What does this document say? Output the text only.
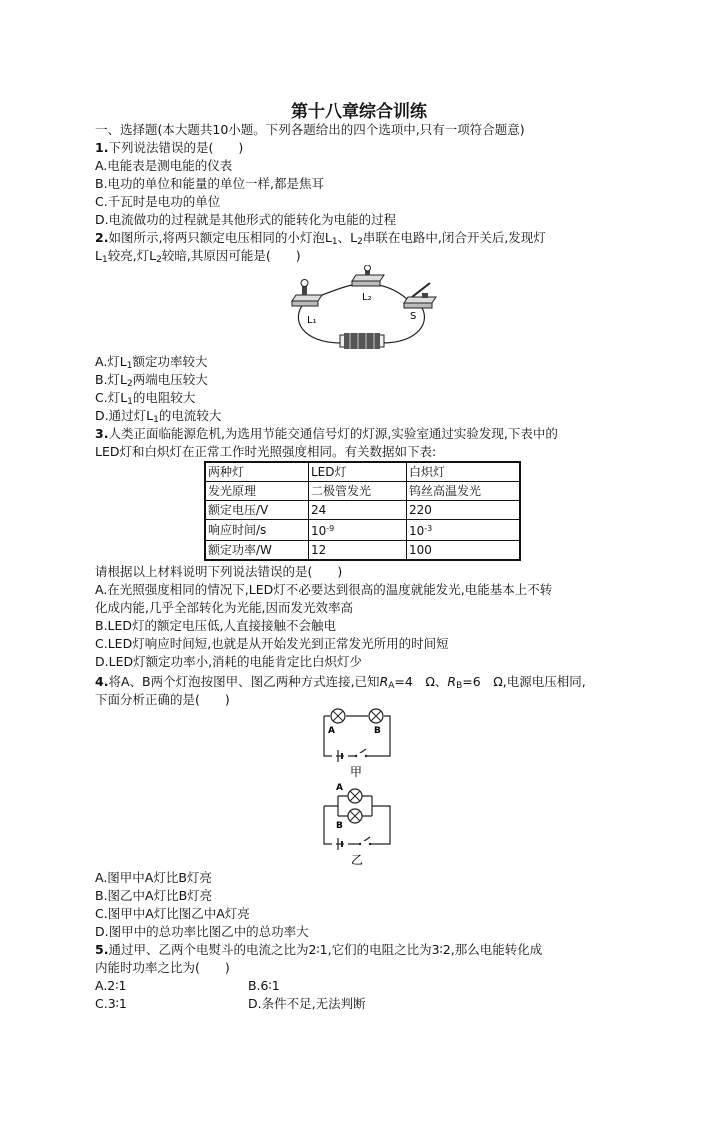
第十八章综合训练
一、选择题(本大题共10小题。下列各题给出的四个选项中,只有一项符合题意)
1.下列说法错误的是(　　)
A.电能表是测电能的仪表
B.电功的单位和能量的单位一样,都是焦耳
C.千瓦时是电功的单位
D.电流做功的过程就是其他形式的能转化为电能的过程
2.如图所示,将两只额定电压相同的小灯泡$L_1$、$L_2$串联在电路中,闭合开关后,发现灯
$L_1$较亮,灯$L_2$较暗,其原因可能是(　　)
L₁
L₂
S
A.灯$L_1$额定功率较大
B.灯$L_2$两端电压较大
C.灯$L_1$的电阻较大
D.通过灯$L_1$的电流较大
3.人类正面临能源危机,为选用节能交通信号灯的灯源,实验室通过实验发现,下表中的
LED灯和白炽灯在正常工作时光照强度相同。有关数据如下表:
两种灯	LED灯	白炽灯
发光原理	二极管发光	钨丝高温发光
额定电压/V	24	220
响应时间/s	$10^{-9}$	$10^{-3}$
额定功率/W	12	100
请根据以上材料说明下列说法错误的是(　　)
A.在光照强度相同的情况下,LED灯不必要达到很高的温度就能发光,电能基本上不转
化成内能,几乎全部转化为光能,因而发光效率高
B.LED灯的额定电压低,人直接接触不会触电
C.LED灯响应时间短,也就是从开始发光到正常发光所用的时间短
D.LED灯额定功率小,消耗的电能肯定比白炽灯少
4.将A、B两个灯泡按图甲、图乙两种方式连接,已知$R_A=4$　Ω、$R_B=6$　Ω,电源电压相同,
下面分析正确的是(　　)
A	B
甲
A
B
乙
A.图甲中A灯比B灯亮
B.图乙中A灯比B灯亮
C.图甲中A灯比图乙中A灯亮
D.图甲中的总功率比图乙中的总功率大
5.通过甲、乙两个电熨斗的电流之比为2∶1,它们的电阻之比为3∶2,那么电能转化成
内能时功率之比为(　　)
A.2∶1	B.6∶1
C.3∶1	D.条件不足,无法判断
